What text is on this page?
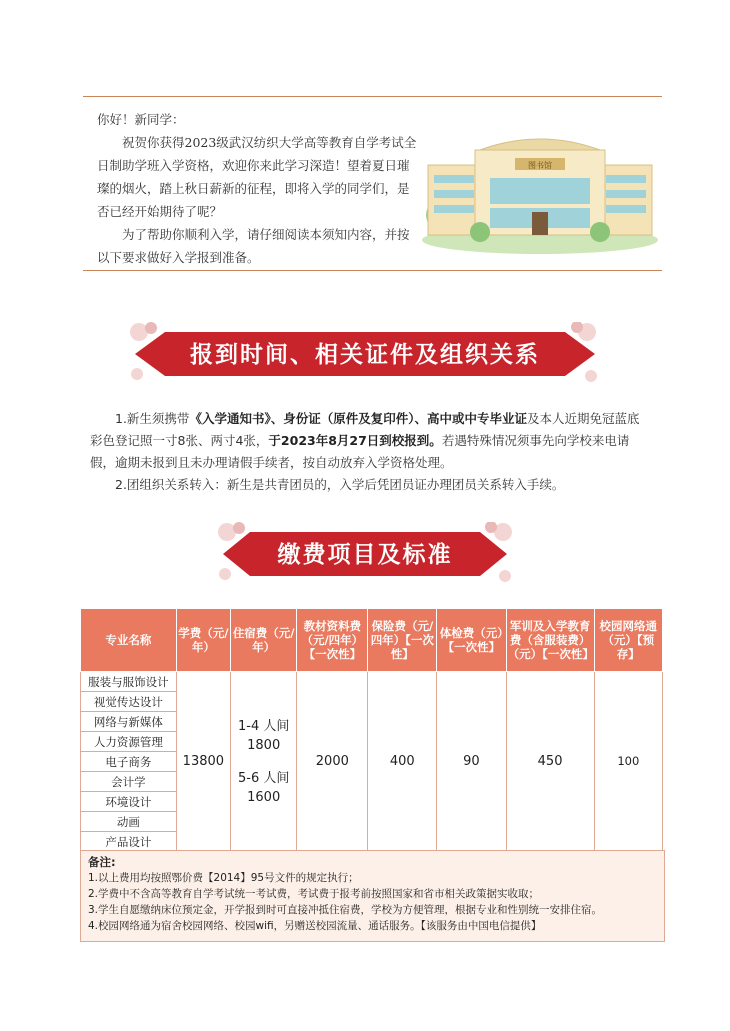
你好！新同学：

祝贺你获得2023级武汉纺织大学高等教育自学考试全日制助学班入学资格，欢迎你来此学习深造！望着夏日璀璨的烟火，踏上秋日薪新的征程，即将入学的同学们，是否已经开始期待了呢？

为了帮助你顺利入学，请仔细阅读本须知内容，并按以下要求做好入学报到准备。

图书馆
报到时间、相关证件及组织关系

1.新生须携带《入学通知书》、身份证（原件及复印件）、高中或中专毕业证及本人近期免冠蓝底彩色登记照一寸8张、两寸4张，于2023年8月27日到校报到。若遇特殊情况须事先向学校来电请假，逾期未报到且未办理请假手续者，按自动放弃入学资格处理。

2.团组织关系转入：新生是共青团员的，入学后凭团员证办理团员关系转入手续。

缴费项目及标准
专业名称	学费（元/年）	住宿费（元/年）	教材资料费（元/四年）【一次性】	保险费（元/四年）【一次性】	体检费（元）【一次性】	军训及入学教育费（含服装费）（元）【一次性】	校园网络通（元）【预存】
服装与服饰设计	13800	1-4 人间
1800
5-6 人间
1600	2000	400	90	450	100
视觉传达设计							
网络与新媒体							
人力资源管理							
电子商务							
会计学							
环境设计							
动画							
产品设计							
备注:
1.以上费用均按照鄂价费【2014】95号文件的规定执行；
2.学费中不含高等教育自学考试统一考试费，考试费于报考前按照国家和省市相关政策据实收取；
3.学生自愿缴纳床位预定金，开学报到时可直接冲抵住宿费，学校为方便管理，根据专业和性别统一安排住宿。
4.校园网络通为宿舍校园网络、校园wifi，另赠送校园流量、通话服务。【该服务由中国电信提供】
